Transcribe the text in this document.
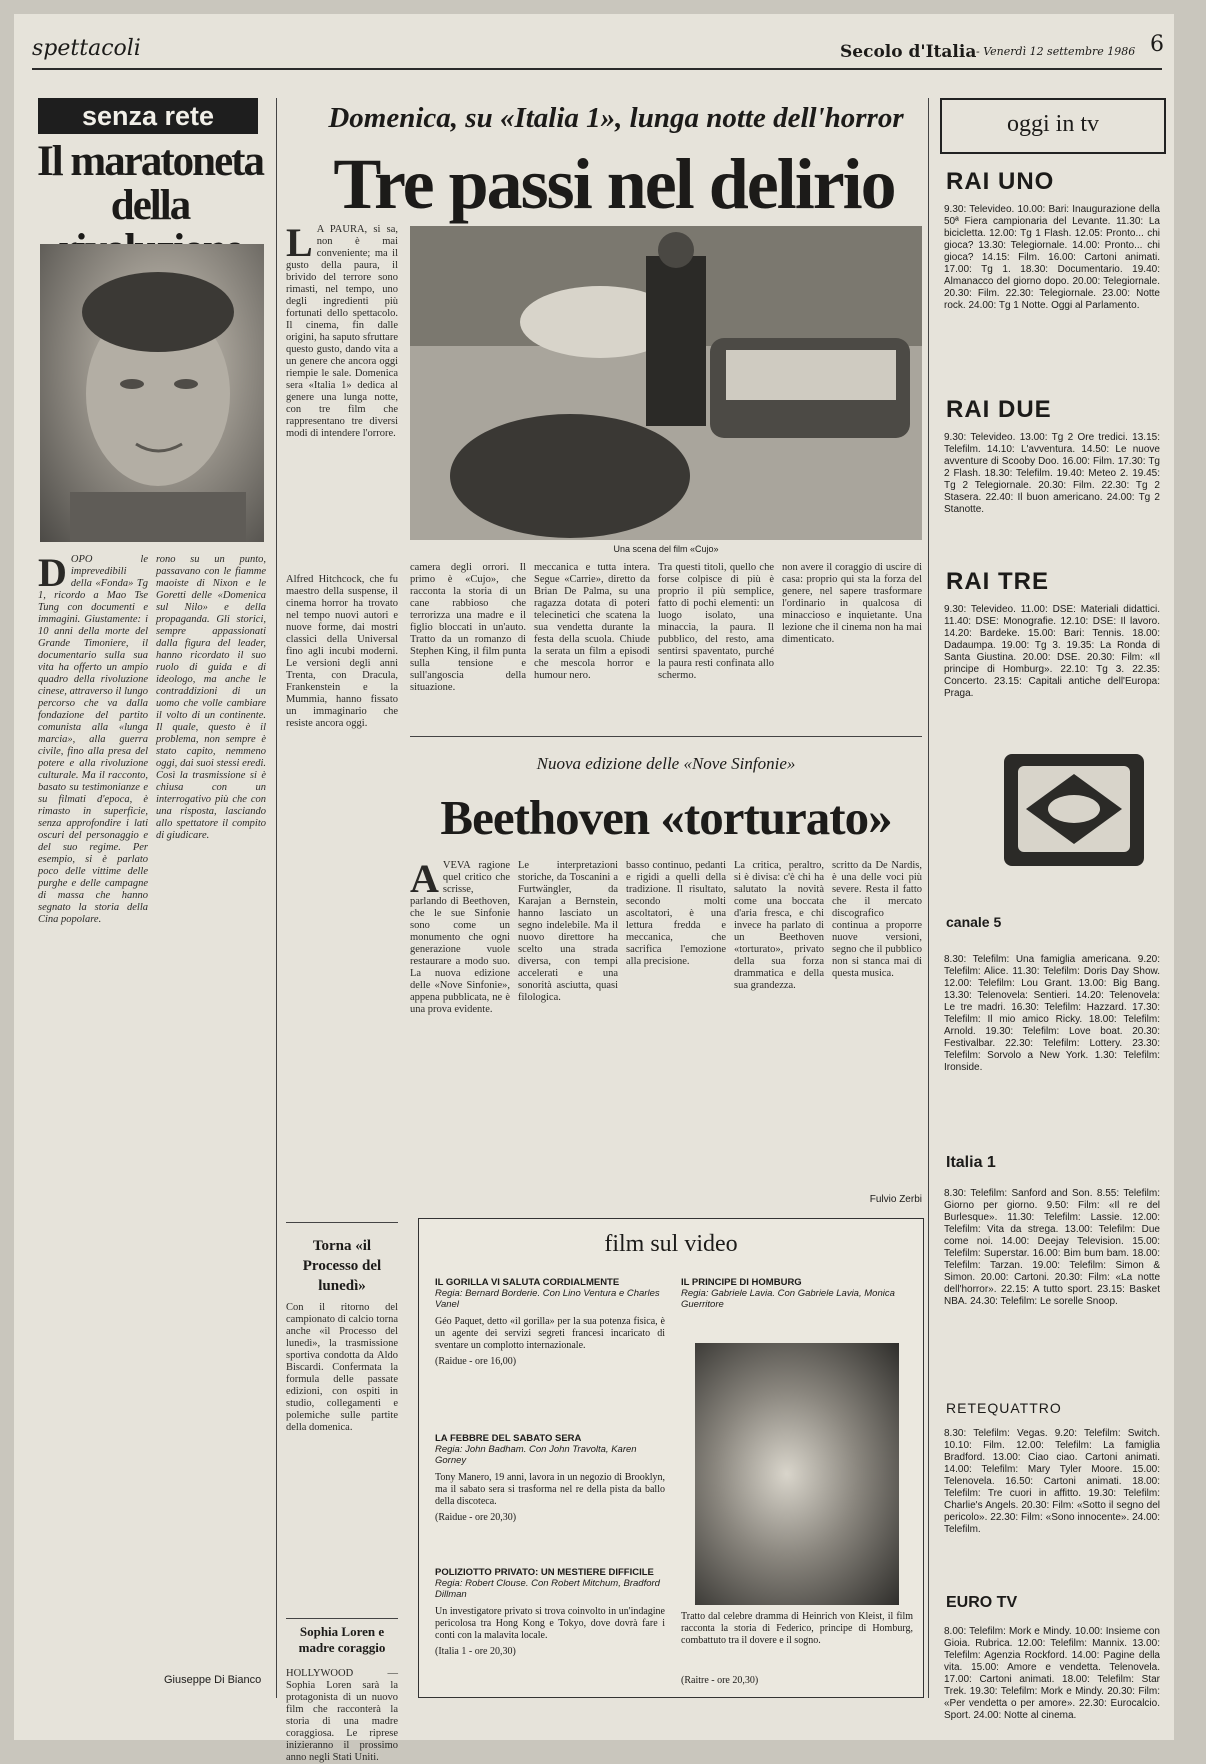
spettacoli	Secolo d'Italia - Venerdì 12 settembre 1986 6
senza rete
Il maratoneta
della
D OPO le imprevedibili della «Fonda» Tg 1, ricordo a Mao Tse Tung con documenti e immagini. Giustamente: i 10 anni della morte del Grande Timoniere, il documentario sulla sua vita ha offerto un ampio quadro della rivoluzione cinese, attraverso il lungo percorso che va dalla fondazione del partito comunista alla «lunga marcia», alla guerra civile, fino alla presa del potere e alla rivoluzione culturale. Ma il racconto, basato su testimonianze e su filmati d'epoca, è rimasto in superficie, senza approfondire i lati oscuri del personaggio e del suo regime. Per esempio, si è parlato poco delle vittime delle purghe e delle campagne di massa che hanno segnato la storia della Cina popolare.
rono su un punto, passavano con le fiamme maoiste di Nixon e le Goretti delle «Domenica sul Nilo» e della propaganda. Gli storici, sempre appassionati dalla figura del leader, hanno ricordato il suo ruolo di guida e di ideologo, ma anche le contraddizioni di un uomo che volle cambiare il volto di un continente. Il quale, questo è il problema, non sempre è stato capito, nemmeno oggi, dai suoi stessi eredi. Così la trasmissione si è chiusa con un interrogativo più che con una risposta, lasciando allo spettatore il compito di giudicare.
Giuseppe Di Bianco
Torna «il Processo del lunedì»
Con il ritorno del campionato di calcio torna anche «il Processo del lunedì», la trasmissione sportiva condotta da Aldo Biscardi. Confermata la formula delle passate edizioni, con ospiti in studio, collegamenti e polemiche sulle partite della domenica.
Sophia Loren e madre coraggio
HOLLYWOOD — Sophia Loren sarà la protagonista di un nuovo film che racconterà la storia di una madre coraggiosa. Le riprese inizieranno il prossimo anno negli Stati Uniti.
Domenica, su «Italia 1», lunga notte dell'horror
Tre passi nel delirio
L A PAURA, si sa, non è mai conveniente; ma il gusto della paura, il brivido del terrore sono rimasti, nel tempo, uno degli ingredienti più fortunati dello spettacolo. Il cinema, fin dalle origini, ha saputo sfruttare questo gusto, dando vita a un genere che ancora oggi riempie le sale. Domenica sera «Italia 1» dedica al genere una lunga notte, con tre film che rappresentano tre diversi modi di intendere l'orrore.
Alfred Hitchcock, che fu maestro della suspense, il cinema horror ha trovato nel tempo nuovi autori e nuove forme, dai mostri classici della Universal fino agli incubi moderni. Le versioni degli anni Trenta, con Dracula, Frankenstein e la Mummia, hanno fissato un immaginario che resiste ancora oggi.
Una scena del film «Cujo»
camera degli orrori. Il primo è «Cujo», che racconta la storia di un cane rabbioso che terrorizza una madre e il figlio bloccati in un'auto. Tratto da un romanzo di Stephen King, il film punta sulla tensione e sull'angoscia della situazione.
meccanica e tutta intera. Segue «Carrie», diretto da Brian De Palma, su una ragazza dotata di poteri telecinetici che scatena la sua vendetta durante la festa della scuola. Chiude la serata un film a episodi che mescola horror e humour nero.
Tra questi titoli, quello che forse colpisce di più è proprio il più semplice, fatto di pochi elementi: un luogo isolato, una minaccia, la paura. Il pubblico, del resto, ama sentirsi spaventato, purché la paura resti confinata allo schermo.
non avere il coraggio di uscire di casa: proprio qui sta la forza del genere, nel sapere trasformare l'ordinario in qualcosa di minaccioso e inquietante. Una lezione che il cinema non ha mai dimenticato.
Nuova edizione delle «Nove Sinfonie»
Beethoven «torturato»
A VEVA ragione quel critico che scrisse, parlando di Beethoven, che le sue Sinfonie sono come un monumento che ogni generazione vuole restaurare a modo suo. La nuova edizione delle «Nove Sinfonie», appena pubblicata, ne è una prova evidente.
Le interpretazioni storiche, da Toscanini a Furtwängler, da Karajan a Bernstein, hanno lasciato un segno indelebile. Ma il nuovo direttore ha scelto una strada diversa, con tempi accelerati e una sonorità asciutta, quasi filologica.
basso continuo, pedanti e rigidi a quelli della tradizione. Il risultato, secondo molti ascoltatori, è una lettura fredda e meccanica, che sacrifica l'emozione alla precisione.
La critica, peraltro, si è divisa: c'è chi ha salutato la novità come una boccata d'aria fresca, e chi invece ha parlato di un Beethoven «torturato», privato della sua forza drammatica e della sua grandezza.
scritto da De Nardis, è una delle voci più severe. Resta il fatto che il mercato discografico continua a proporre nuove versioni, segno che il pubblico non si stanca mai di questa musica.
Fulvio Zerbi
film sul video
IL GORILLA VI SALUTA CORDIALMENTE
Regia: Bernard Borderie. Con Lino Ventura e Charles Vanel
Géo Paquet, detto «il gorilla» per la sua potenza fisica, è un agente dei servizi segreti francesi incaricato di sventare un complotto internazionale.
(Raidue - ore 16,00)
LA FEBBRE DEL SABATO SERA
Regia: John Badham. Con John Travolta, Karen Gorney
Tony Manero, 19 anni, lavora in un negozio di Brooklyn, ma il sabato sera si trasforma nel re della pista da ballo della discoteca.
(Raidue - ore 20,30)
POLIZIOTTO PRIVATO: UN MESTIERE DIFFICILE
Regia: Robert Clouse. Con Robert Mitchum, Bradford Dillman
Un investigatore privato si trova coinvolto in un'indagine pericolosa tra Hong Kong e Tokyo, dove dovrà fare i conti con la malavita locale.
(Italia 1 - ore 20,30)
IL PRINCIPE DI HOMBURG
Regia: Gabriele Lavia. Con Gabriele Lavia, Monica Guerritore
Tratto dal celebre dramma di Heinrich von Kleist, il film racconta la storia di Federico, principe di Homburg, combattuto tra il dovere e il sogno.
(Raitre - ore 20,30)
oggi in tv
RAI UNO
9.30: Televideo. 10.00: Bari: Inaugurazione della 50ª Fiera campionaria del Levante. 11.30: La bicicletta. 12.00: Tg 1 Flash. 12.05: Pronto... chi gioca? 13.30: Telegiornale. 14.00: Pronto... chi gioca? 14.15: Film. 16.00: Cartoni animati. 17.00: Tg 1. 18.30: Documentario. 19.40: Almanacco del giorno dopo. 20.00: Telegiornale. 20.30: Film. 22.30: Telegiornale. 23.00: Notte rock. 24.00: Tg 1 Notte. Oggi al Parlamento.
RAI DUE
9.30: Televideo. 13.00: Tg 2 Ore tredici. 13.15: Telefilm. 14.10: L'avventura. 14.50: Le nuove avventure di Scooby Doo. 16.00: Film. 17.30: Tg 2 Flash. 18.30: Telefilm. 19.40: Meteo 2. 19.45: Tg 2 Telegiornale. 20.30: Film. 22.30: Tg 2 Stasera. 22.40: Il buon americano. 24.00: Tg 2 Stanotte.
RAI TRE
9.30: Televideo. 11.00: DSE: Materiali didattici. 11.40: DSE: Monografie. 12.10: DSE: Il lavoro. 14.20: Bardeke. 15.00: Bari: Tennis. 18.00: Dadaumpa. 19.00: Tg 3. 19.35: La Ronda di Santa Giustina. 20.00: DSE. 20.30: Film: «Il principe di Homburg». 22.10: Tg 3. 22.35: Concerto. 23.15: Capitali antiche dell'Europa: Praga.
canale 5
8.30: Telefilm: Una famiglia americana. 9.20: Telefilm: Alice. 11.30: Telefilm: Doris Day Show. 12.00: Telefilm: Lou Grant. 13.00: Big Bang. 13.30: Telenovela: Sentieri. 14.20: Telenovela: Le tre madri. 16.30: Telefilm: Hazzard. 17.30: Telefilm: Il mio amico Ricky. 18.00: Telefilm: Arnold. 19.30: Telefilm: Love boat. 20.30: Festivalbar. 22.30: Telefilm: Lottery. 23.30: Telefilm: Sorvolo a New York. 1.30: Telefilm: Ironside.
Italia 1
8.30: Telefilm: Sanford and Son. 8.55: Telefilm: Giorno per giorno. 9.50: Film: «Il re del Burlesque». 11.30: Telefilm: Lassie. 12.00: Telefilm: Vita da strega. 13.00: Telefilm: Due come noi. 14.00: Deejay Television. 15.00: Telefilm: Superstar. 16.00: Bim bum bam. 18.00: Telefilm: Tarzan. 19.00: Telefilm: Simon & Simon. 20.00: Cartoni. 20.30: Film: «La notte dell'horror». 22.15: A tutto sport. 23.15: Basket NBA. 24.30: Telefilm: Le sorelle Snoop.
RETEQUATTRO
8.30: Telefilm: Vegas. 9.20: Telefilm: Switch. 10.10: Film. 12.00: Telefilm: La famiglia Bradford. 13.00: Ciao ciao. Cartoni animati. 14.00: Telefilm: Mary Tyler Moore. 15.00: Telenovela. 16.50: Cartoni animati. 18.00: Telefilm: Tre cuori in affitto. 19.30: Telefilm: Charlie's Angels. 20.30: Film: «Sotto il segno del pericolo». 22.30: Film: «Sono innocente». 24.00: Telefilm.
EURO TV
8.00: Telefilm: Mork e Mindy. 10.00: Insieme con Gioia. Rubrica. 12.00: Telefilm: Mannix. 13.00: Telefilm: Agenzia Rockford. 14.00: Pagine della vita. 15.00: Amore e vendetta. Telenovela. 17.00: Cartoni animati. 18.00: Telefilm: Star Trek. 19.30: Telefilm: Mork e Mindy. 20.30: Film: «Per vendetta o per amore». 22.30: Eurocalcio. Sport. 24.00: Notte al cinema.
